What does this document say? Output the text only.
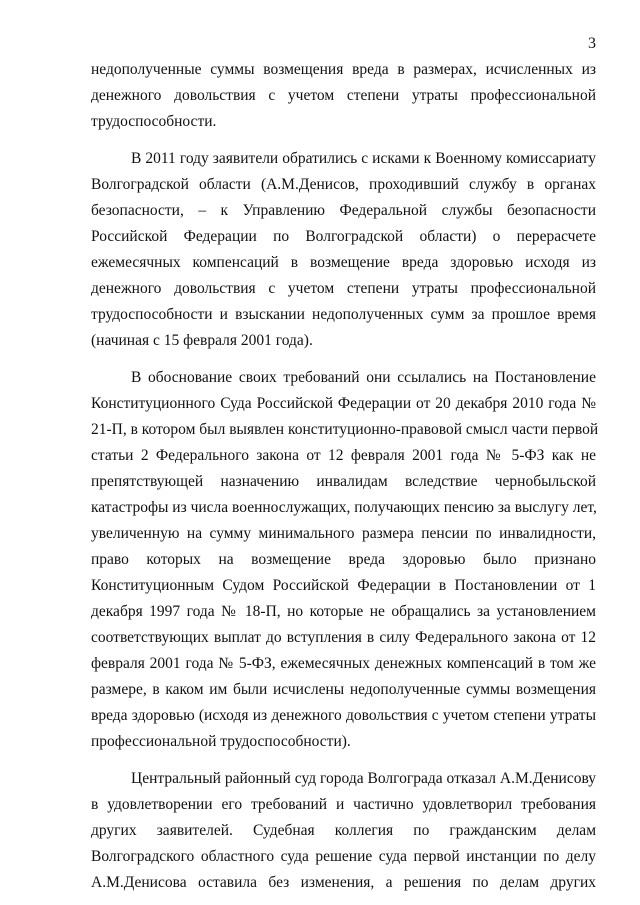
3
недополученные суммы возмещения вреда в размерах, исчисленных из
денежного довольствия с учетом степени утраты профессиональной
трудоспособности.
В 2011 году заявители обратились с исками к Военному комиссариату
Волгоградской области (А.М.Денисов, проходивший службу в органах
безопасности, – к Управлению Федеральной службы безопасности
Российской Федерации по Волгоградской области) о перерасчете
ежемесячных компенсаций в возмещение вреда здоровью исходя из
денежного довольствия с учетом степени утраты профессиональной
трудоспособности и взыскании недополученных сумм за прошлое время
(начиная с 15 февраля 2001 года).
В обоснование своих требований они ссылались на Постановление
Конституционного Суда Российской Федерации от 20 декабря 2010 года №
21-П, в котором был выявлен конституционно-правовой смысл части первой
статьи 2 Федерального закона от 12 февраля 2001 года № 5-ФЗ как не
препятствующей назначению инвалидам вследствие чернобыльской
катастрофы из числа военнослужащих, получающих пенсию за выслугу лет,
увеличенную на сумму минимального размера пенсии по инвалидности,
право которых на возмещение вреда здоровью было признано
Конституционным Судом Российской Федерации в Постановлении от 1
декабря 1997 года № 18-П, но которые не обращались за установлением
соответствующих выплат до вступления в силу Федерального закона от 12
февраля 2001 года № 5-ФЗ, ежемесячных денежных компенсаций в том же
размере, в каком им были исчислены недополученные суммы возмещения
вреда здоровью (исходя из денежного довольствия с учетом степени утраты
профессиональной трудоспособности).
Центральный районный суд города Волгограда отказал А.М.Денисову
в удовлетворении его требований и частично удовлетворил требования
других заявителей. Судебная коллегия по гражданским делам
Волгоградского областного суда решение суда первой инстанции по делу
А.М.Денисова оставила без изменения, а решения по делам других
